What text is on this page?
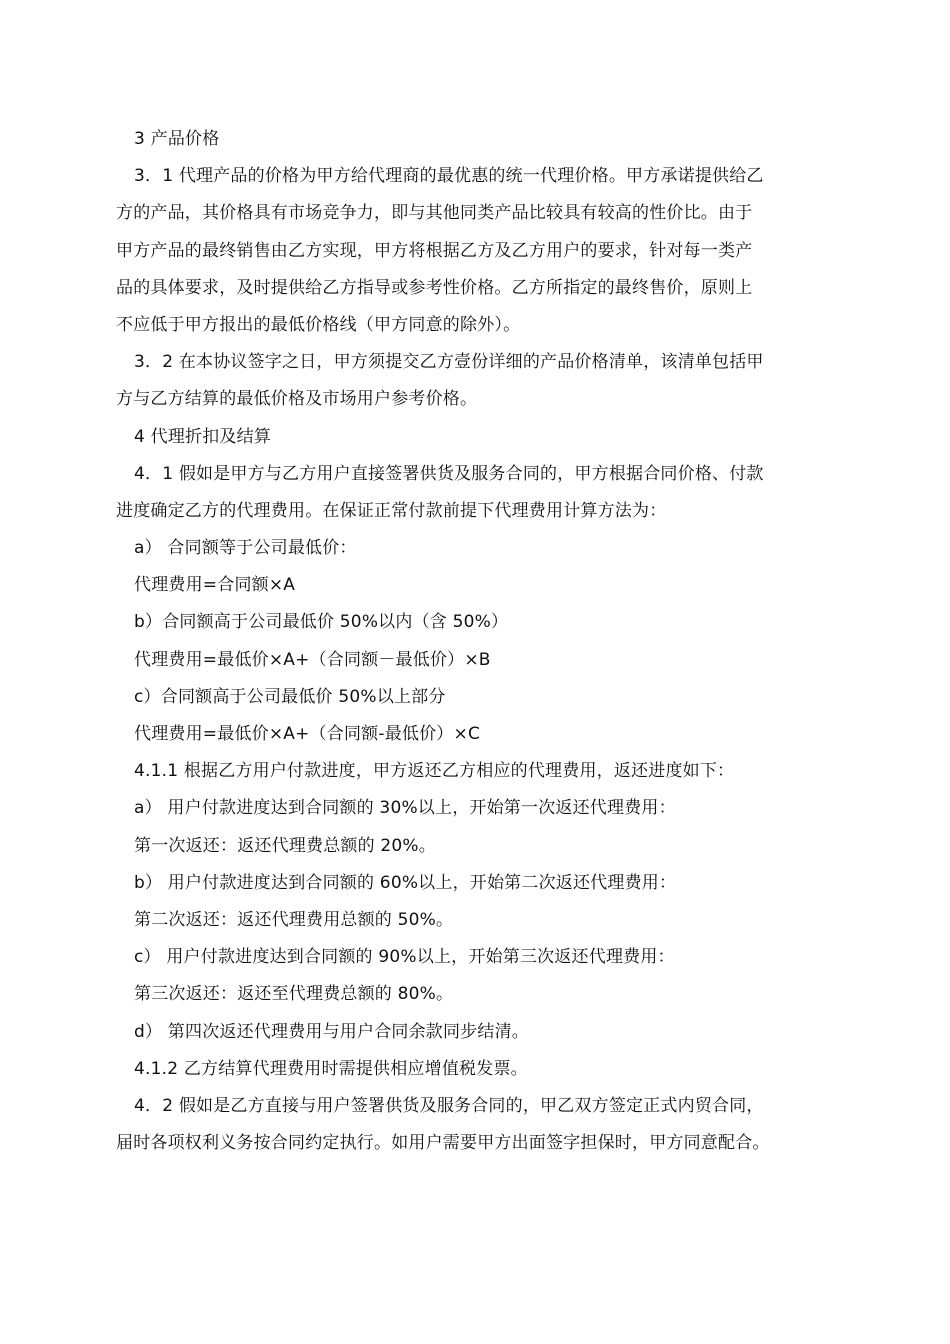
3 产品价格
3．1 代理产品的价格为甲方给代理商的最优惠的统一代理价格。甲方承诺提供给乙
方的产品，其价格具有市场竞争力，即与其他同类产品比较具有较高的性价比。由于
甲方产品的最终销售由乙方实现，甲方将根据乙方及乙方用户的要求，针对每一类产
品的具体要求，及时提供给乙方指导或参考性价格。乙方所指定的最终售价，原则上
不应低于甲方报出的最低价格线（甲方同意的除外）。
3．2 在本协议签字之日，甲方须提交乙方壹份详细的产品价格清单，该清单包括甲
方与乙方结算的最低价格及市场用户参考价格。
4 代理折扣及结算
4．1 假如是甲方与乙方用户直接签署供货及服务合同的，甲方根据合同价格、付款
进度确定乙方的代理费用。在保证正常付款前提下代理费用计算方法为：
a） 合同额等于公司最低价：
代理费用=合同额×A
b）合同额高于公司最低价 50%以内（含 50%）
代理费用=最低价×A+（合同额－最低价）×B
c）合同额高于公司最低价 50%以上部分
代理费用=最低价×A+（合同额-最低价）×C
4.1.1 根据乙方用户付款进度，甲方返还乙方相应的代理费用，返还进度如下：
a） 用户付款进度达到合同额的 30%以上，开始第一次返还代理费用：
第一次返还：返还代理费总额的 20%。
b） 用户付款进度达到合同额的 60%以上，开始第二次返还代理费用：
第二次返还：返还代理费用总额的 50%。
c） 用户付款进度达到合同额的 90%以上，开始第三次返还代理费用：
第三次返还：返还至代理费总额的 80%。
d） 第四次返还代理费用与用户合同余款同步结清。
4.1.2 乙方结算代理费用时需提供相应增值税发票。
4．2 假如是乙方直接与用户签署供货及服务合同的，甲乙双方签定正式内贸合同，
届时各项权利义务按合同约定执行。如用户需要甲方出面签字担保时，甲方同意配合。
